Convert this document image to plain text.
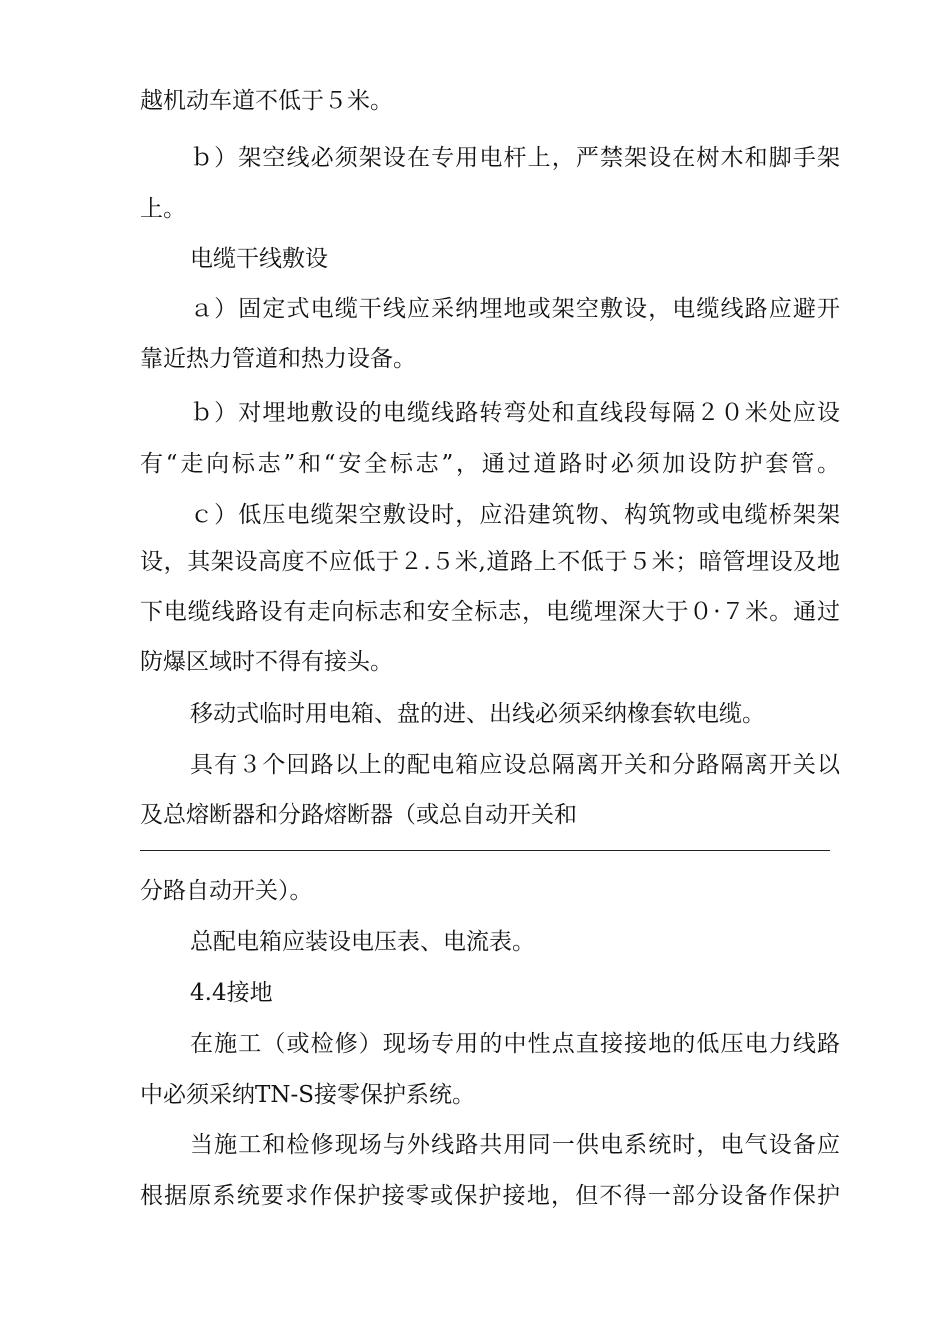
越机动车道不低于５米。
ｂ）架空线必须架设在专用电杆上，严禁架设在树木和脚手架
上。
电缆干线敷设
ａ）固定式电缆干线应采纳埋地或架空敷设，电缆线路应避开
靠近热力管道和热力设备。
ｂ）对埋地敷设的电缆线路转弯处和直线段每隔２０米处应设
有“走向标志”和“安全标志”，通过道路时必须加设防护套管。
ｃ）低压电缆架空敷设时，应沿建筑物、构筑物或电缆桥架架
设，其架设高度不应低于２.５米,道路上不低于５米；暗管埋设及地
下电缆线路设有走向标志和安全标志，电缆埋深大于０·７米。通过
防爆区域时不得有接头。
移动式临时用电箱、盘的进、出线必须采纳橡套软电缆。
具有３个回路以上的配电箱应设总隔离开关和分路隔离开关以
及总熔断器和分路熔断器（或总自动开关和
分路自动开关）。
总配电箱应装设电压表、电流表。
4.4接地
在施工（或检修）现场专用的中性点直接接地的低压电力线路
中必须采纳TN-S接零保护系统。
当施工和检修现场与外线路共用同一供电系统时，电气设备应
根据原系统要求作保护接零或保护接地，但不得一部分设备作保护
